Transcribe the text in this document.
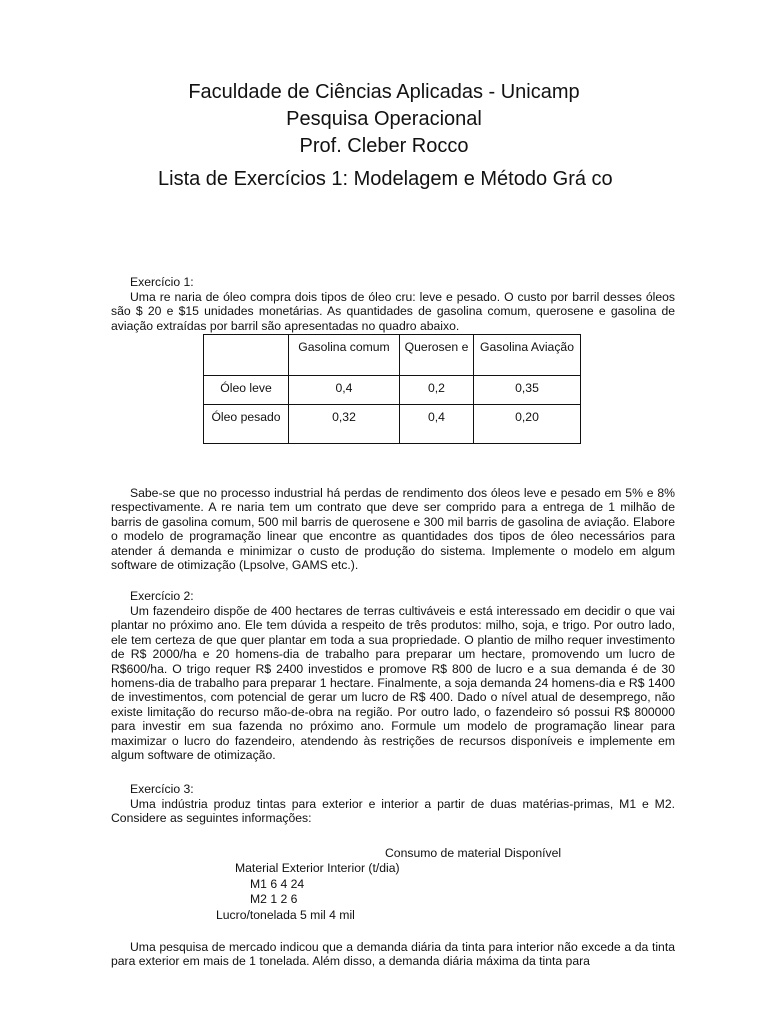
Faculdade de Ciências Aplicadas - Unicamp
Pesquisa Operacional
Prof. Cleber Rocco
Lista de Exercícios 1: Modelagem e Método Grá co
Exercício 1:
Uma re naria de óleo compra dois tipos de óleo cru: leve e pesado. O custo por barril desses óleos são $ 20 e $15 unidades monetárias. As quantidades de gasolina comum, querosene e gasolina de aviação extraídas por barril são apresentadas no quadro abaixo.
	Gasolina comum	Querosen e	Gasolina Aviação
Óleo leve	0,4	0,2	0,35
Óleo pesado	0,32	0,4	0,20
Sabe-se que no processo industrial há perdas de rendimento dos óleos leve e pesado em 5% e 8% respectivamente. A re naria tem um contrato que deve ser comprido para a entrega de 1 milhão de barris de gasolina comum, 500 mil barris de querosene e 300 mil barris de gasolina de aviação. Elabore o modelo de programação linear que encontre as quantidades dos tipos de óleo necessários para atender á demanda e minimizar o custo de produção do sistema. Implemente o modelo em algum software de otimização (Lpsolve, GAMS etc.).
Exercício 2:
Um fazendeiro dispõe de 400 hectares de terras cultiváveis e está interessado em decidir o que vai plantar no próximo ano. Ele tem dúvida a respeito de três produtos: milho, soja, e trigo. Por outro lado, ele tem certeza de que quer plantar em toda a sua propriedade. O plantio de milho requer investimento de R$ 2000/ha e 20 homens-dia de trabalho para preparar um hectare, promovendo um lucro de R$600/ha. O trigo requer R$ 2400 investidos e promove R$ 800 de lucro e a sua demanda é de 30 homens-dia de trabalho para preparar 1 hectare. Finalmente, a soja demanda 24 homens-dia e R$ 1400 de investimentos, com potencial de gerar um lucro de R$ 400. Dado o nível atual de desemprego, não existe limitação do recurso mão-de-obra na região. Por outro lado, o fazendeiro só possui R$ 800000 para investir em sua fazenda no próximo ano. Formule um modelo de programação linear para maximizar o lucro do fazendeiro, atendendo às restrições de recursos disponíveis e implemente em algum software de otimização.
Exercício 3:
Uma indústria produz tintas para exterior e interior a partir de duas matérias-primas, M1 e M2. Considere as seguintes informações:
Consumo de material Disponível
Material Exterior Interior (t/dia)
M1 6 4 24
M2 1 2 6
Lucro/tonelada 5 mil 4 mil
Uma pesquisa de mercado indicou que a demanda diária da tinta para interior não excede a da tinta para exterior em mais de 1 tonelada. Além disso, a demanda diária máxima da tinta para
